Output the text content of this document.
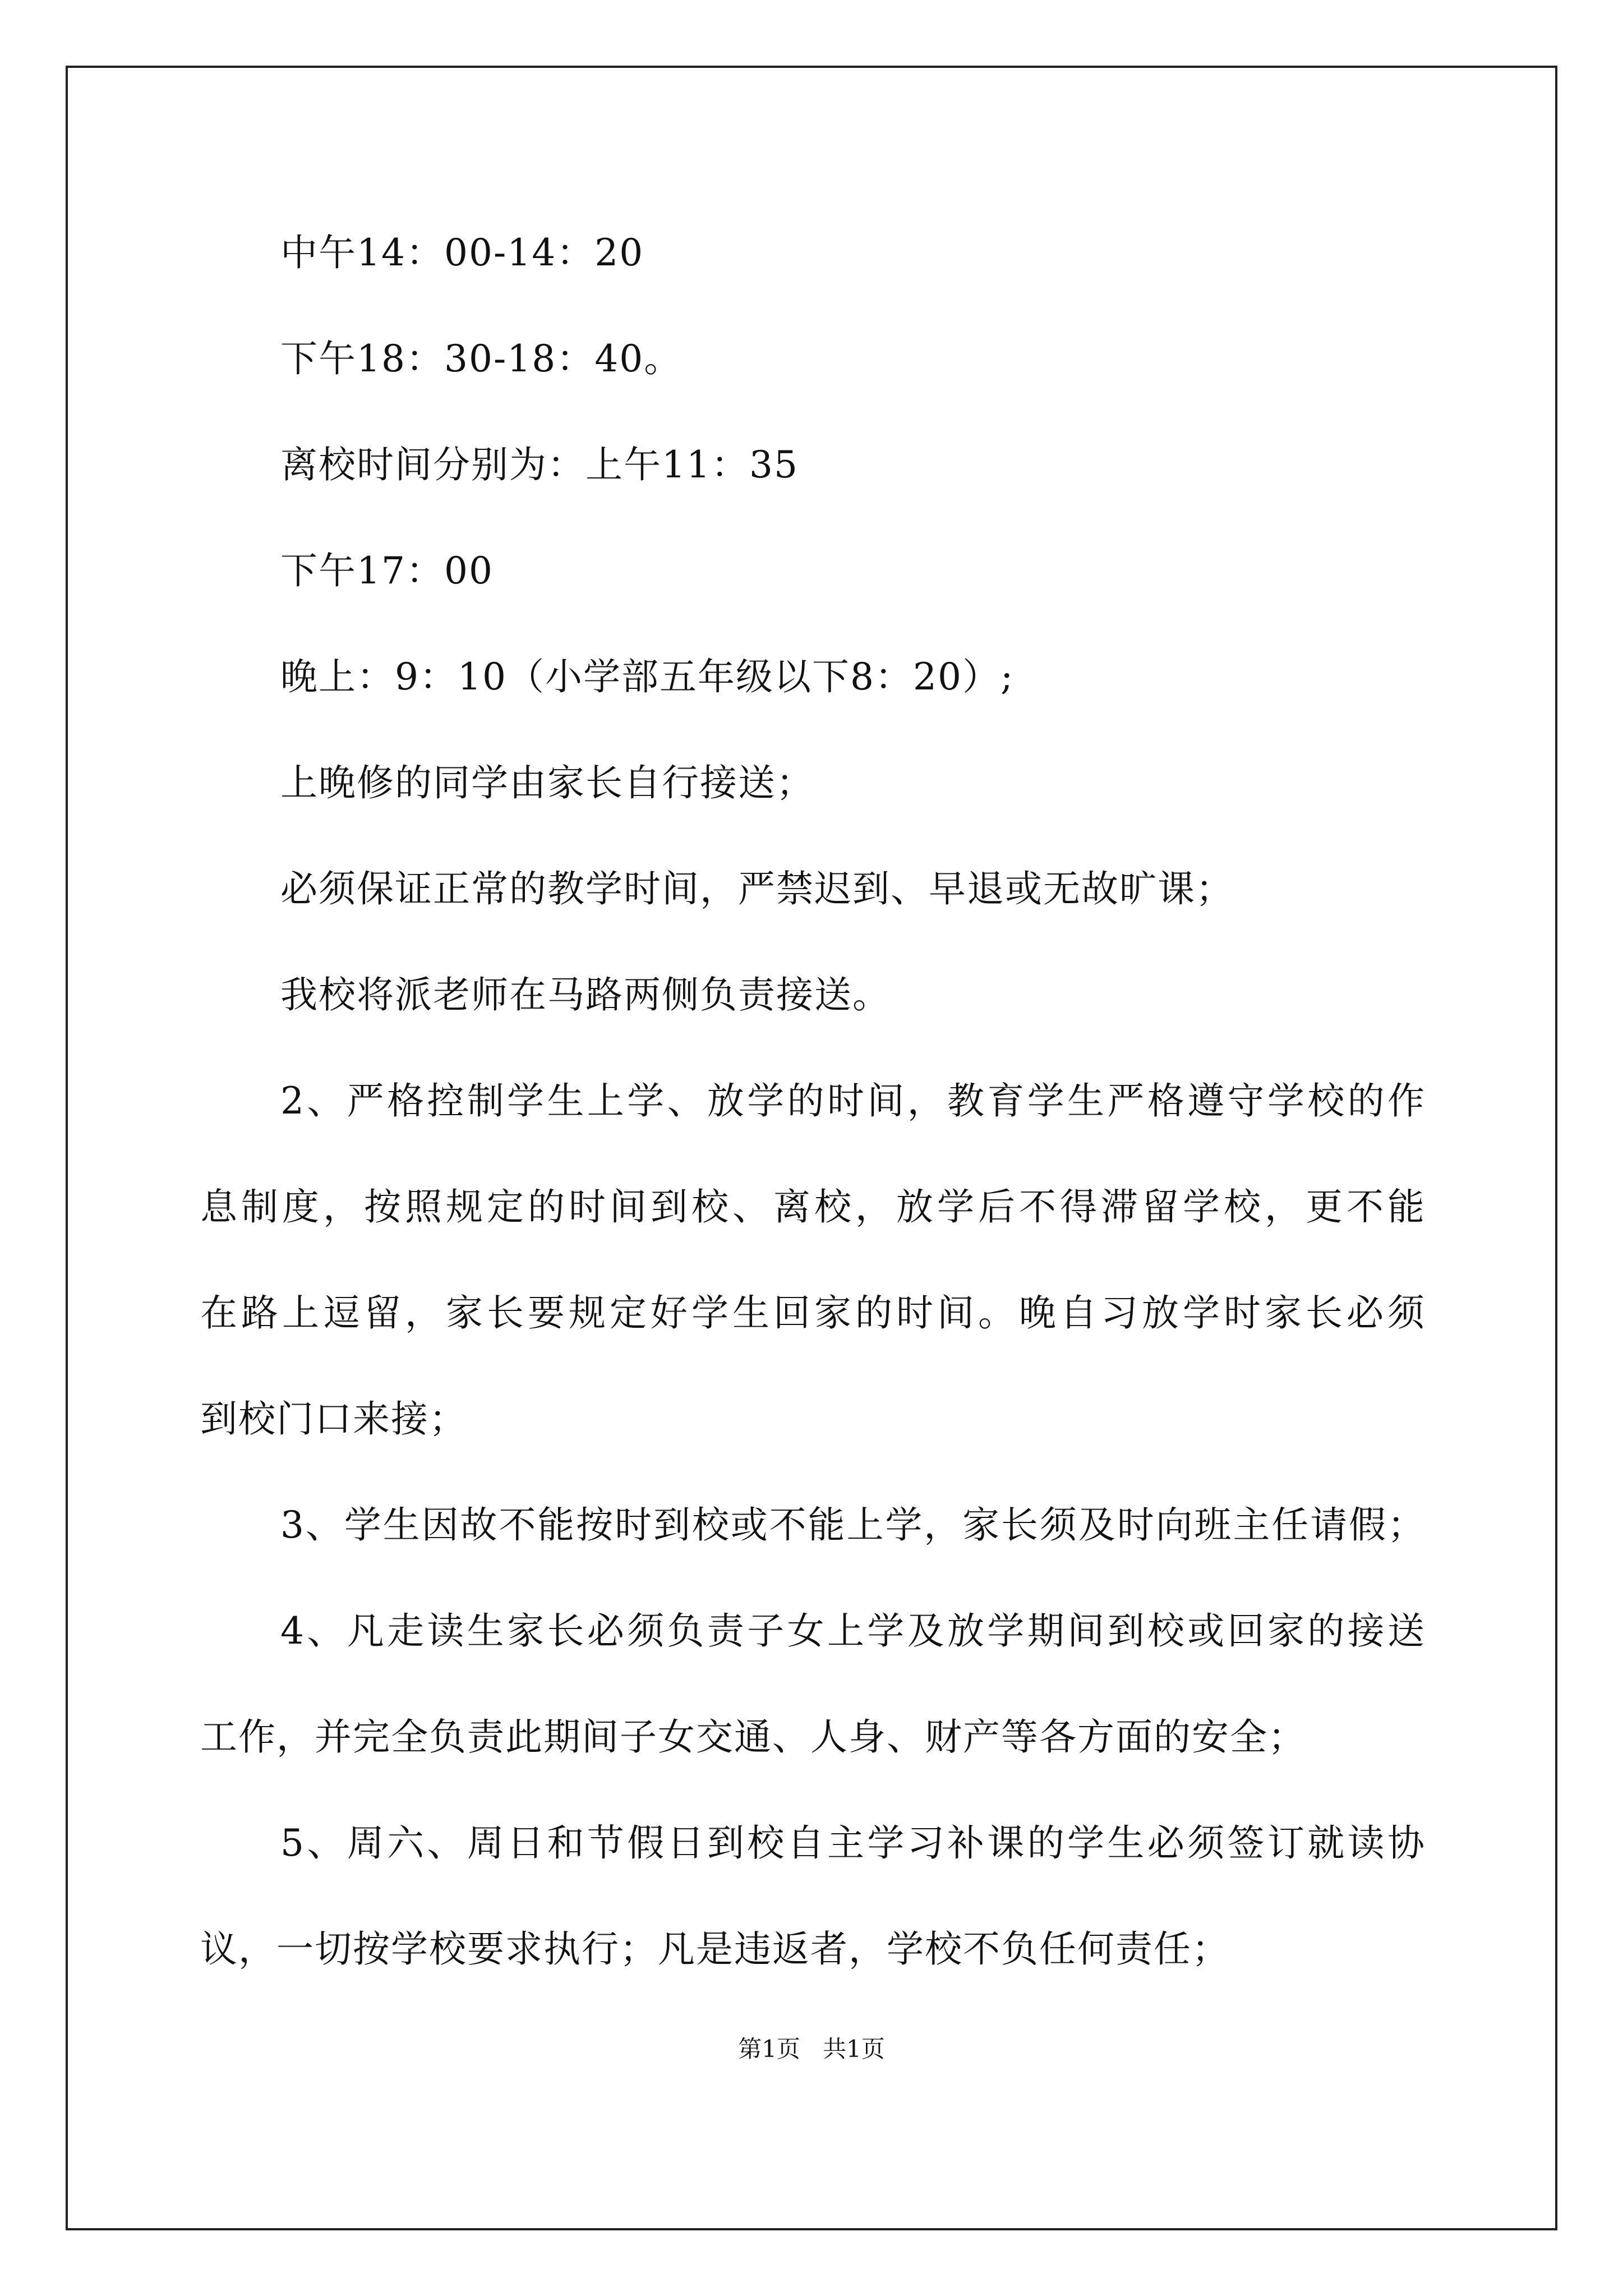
中午14：00-14：20
下午18：30-18：40。
离校时间分别为：上午11：35
下午17：00
晚上：9：10（小学部五年级以下8：20）;
上晚修的同学由家长自行接送；
必须保证正常的教学时间，严禁迟到、早退或无故旷课；
我校将派老师在马路两侧负责接送。
2、严格控制学生上学、放学的时间，教育学生严格遵守学校的作
息制度，按照规定的时间到校、离校，放学后不得滞留学校，更不能
在路上逗留，家长要规定好学生回家的时间。晚自习放学时家长必须
到校门口来接；
3、学生因故不能按时到校或不能上学，家长须及时向班主任请假；
4、凡走读生家长必须负责子女上学及放学期间到校或回家的接送
工作，并完全负责此期间子女交通、人身、财产等各方面的安全；
5、周六、周日和节假日到校自主学习补课的学生必须签订就读协
议，一切按学校要求执行；凡是违返者，学校不负任何责任；
第1页   共1页
